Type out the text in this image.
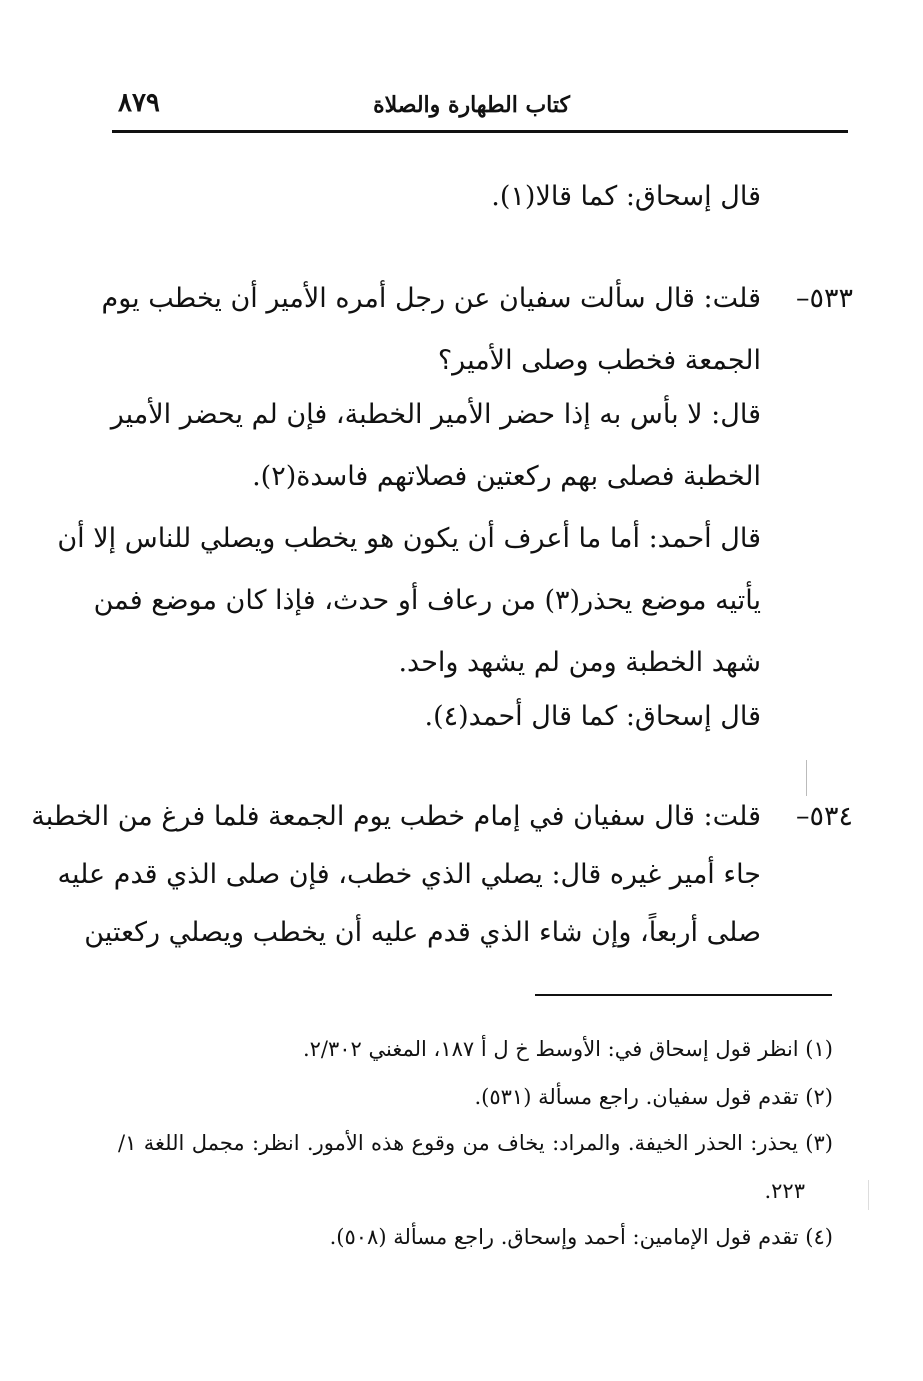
٨٧٩	كتاب الطهارة والصلاة
قال إسحاق: كما قالا(١).
٥٣٣–
قلت: قال سألت سفيان عن رجل أمره الأمير أن يخطب يوم
الجمعة فخطب وصلى الأمير؟
قال: لا بأس به إذا حضر الأمير الخطبة، فإن لم يحضر الأمير
الخطبة فصلى بهم ركعتين فصلاتهم فاسدة(٢).
قال أحمد: أما ما أعرف أن يكون هو يخطب ويصلي للناس إلا أن
يأتيه موضع يحذر(٣) من رعاف أو حدث، فإذا كان موضع فمن
شهد الخطبة ومن لم يشهد واحد.
قال إسحاق: كما قال أحمد(٤).
٥٣٤–
قلت: قال سفيان في إمام خطب يوم الجمعة فلما فرغ من الخطبة
جاء أمير غيره قال: يصلي الذي خطب، فإن صلى الذي قدم عليه
صلى أربعاً، وإن شاء الذي قدم عليه أن يخطب ويصلي ركعتين
(١) انظر قول إسحاق في: الأوسط خ ل أ ١٨٧، المغني ٢/٣٠٢.
(٢) تقدم قول سفيان. راجع مسألة (٥٣١).
(٣) يحذر: الحذر الخيفة. والمراد: يخاف من وقوع هذه الأمور. انظر: مجمل اللغة ١/
٢٢٣.
(٤) تقدم قول الإمامين: أحمد وإسحاق. راجع مسألة (٥٠٨).
